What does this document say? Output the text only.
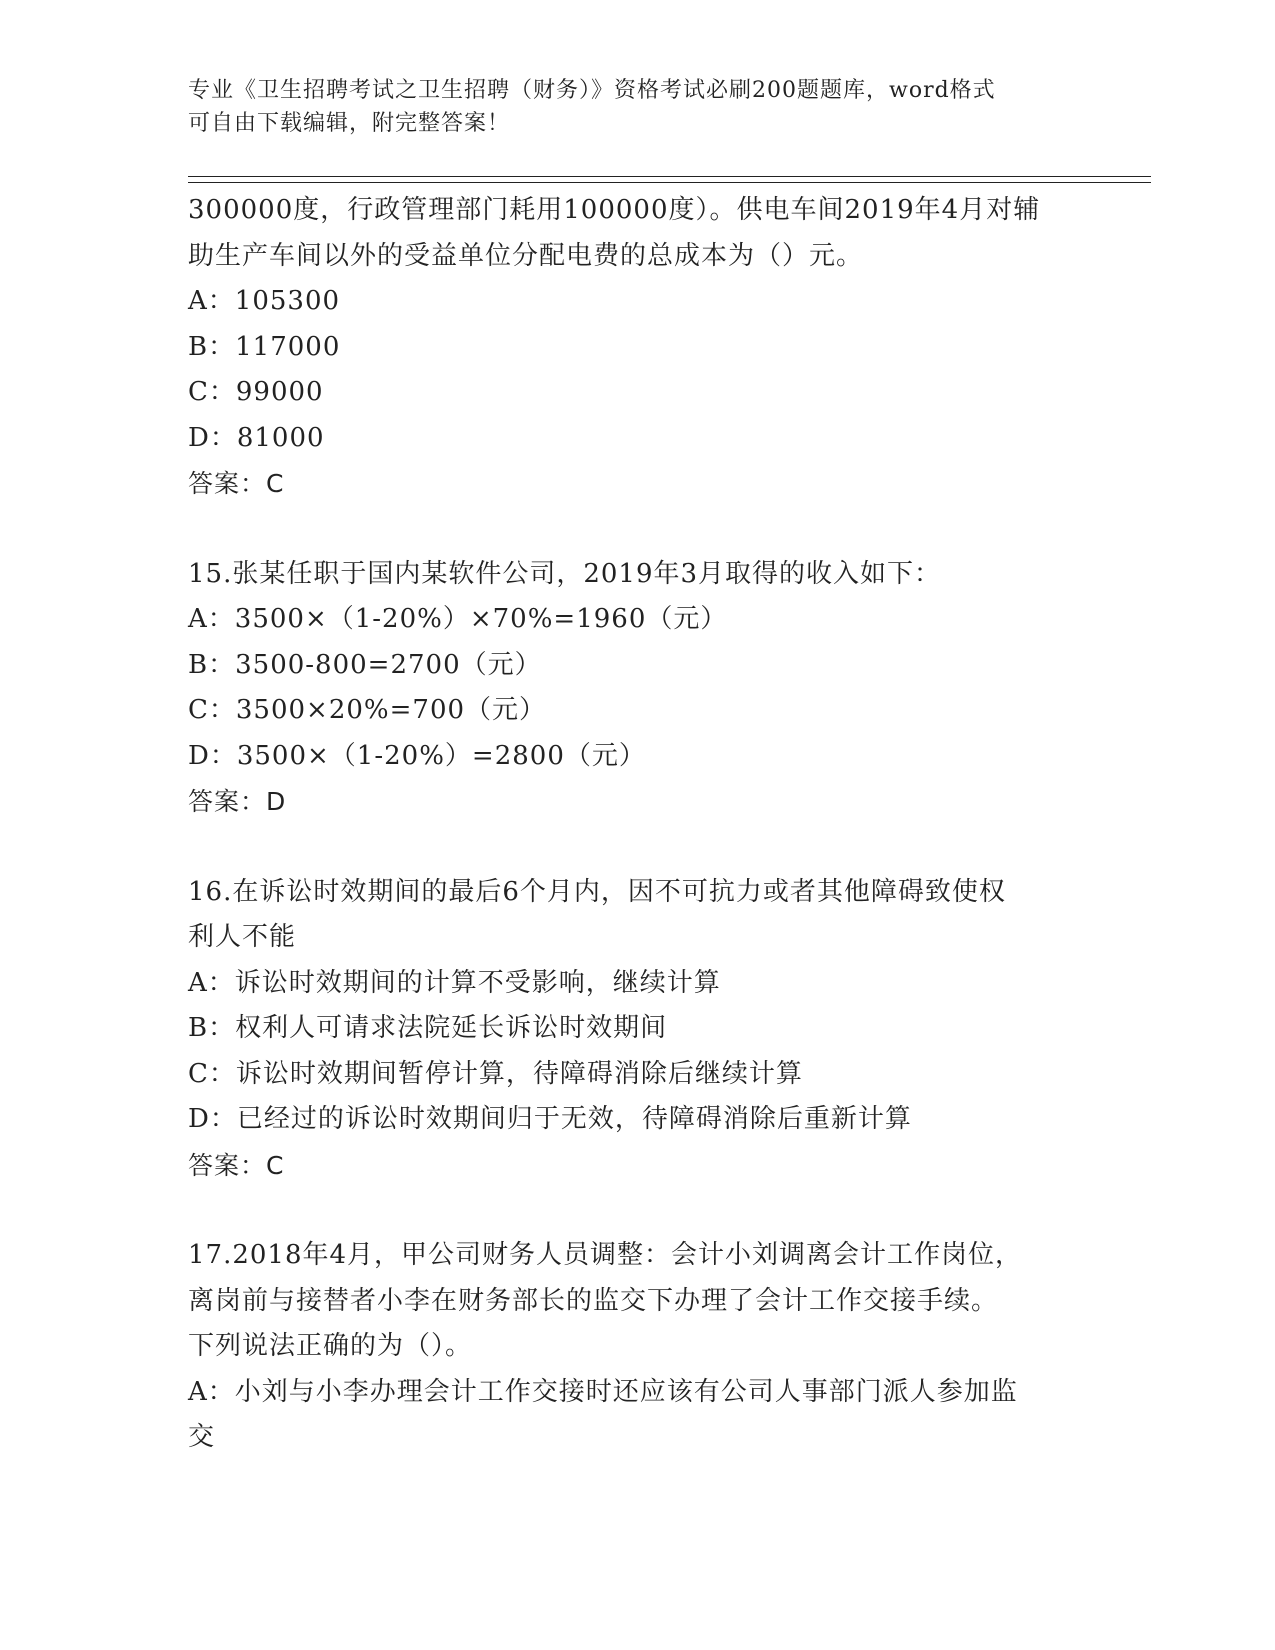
专业《卫生招聘考试之卫生招聘（财务）》资格考试必刷200题题库，word格式
可自由下载编辑，附完整答案！
300000度，行政管理部门耗用100000度）。供电车间2019年4月对辅
助生产车间以外的受益单位分配电费的总成本为（）元。
A：105300
B：117000
C：99000
D：81000
答案：C
15.张某任职于国内某软件公司，2019年3月取得的收入如下：
A：3500×（1-20%）×70%=1960（元）
B：3500-800=2700（元）
C：3500×20%=700（元）
D：3500×（1-20%）=2800（元）
答案：D
16.在诉讼时效期间的最后6个月内，因不可抗力或者其他障碍致使权
利人不能
A：诉讼时效期间的计算不受影响，继续计算
B：权利人可请求法院延长诉讼时效期间
C：诉讼时效期间暂停计算，待障碍消除后继续计算
D：已经过的诉讼时效期间归于无效，待障碍消除后重新计算
答案：C
17.2018年4月，甲公司财务人员调整：会计小刘调离会计工作岗位，
离岗前与接替者小李在财务部长的监交下办理了会计工作交接手续。
下列说法正确的为（）。
A：小刘与小李办理会计工作交接时还应该有公司人事部门派人参加监
交
